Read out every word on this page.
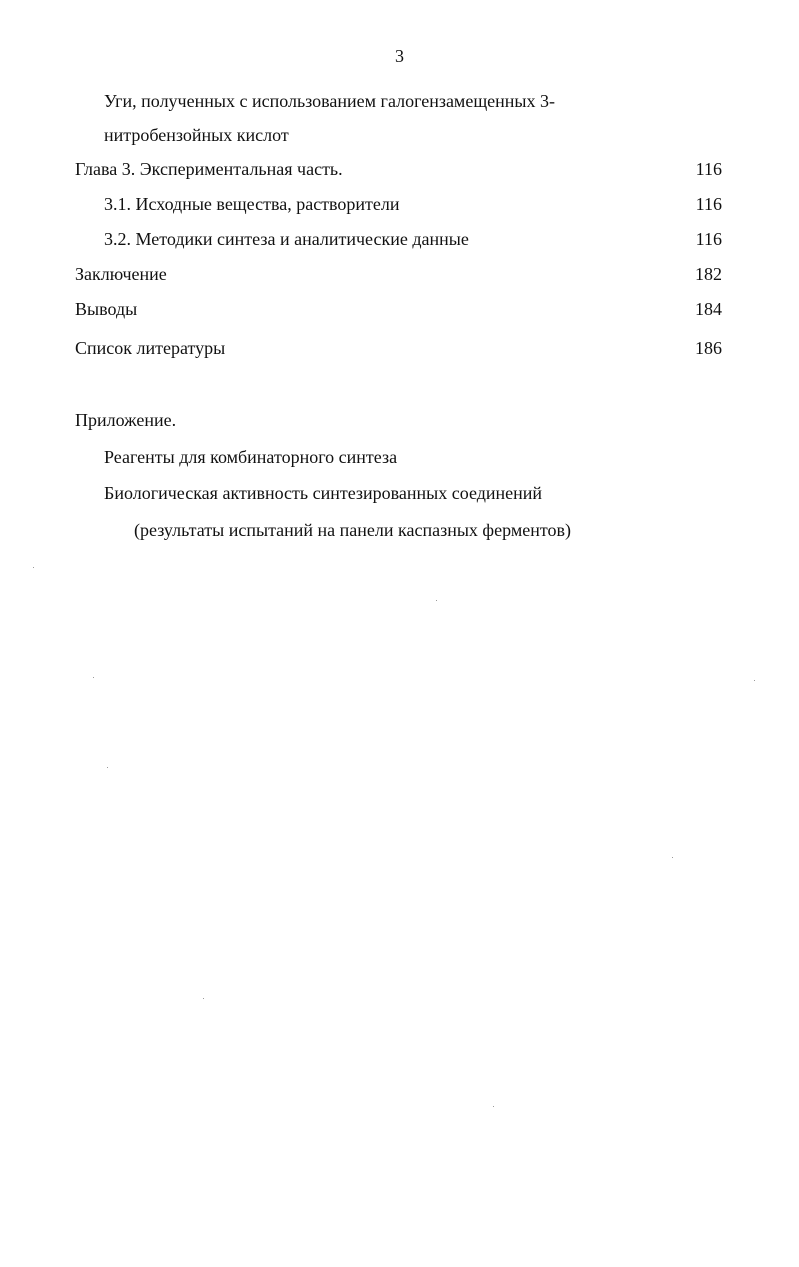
3
Уги, полученных с использованием галогензамещенных 3-
нитробензойных кислот
Глава 3. Экспериментальная часть.	116
3.1. Исходные вещества, растворители	116
3.2. Методики синтеза и аналитические данные	116
Заключение	182
Выводы	184
Список литературы	186
Приложение.
Реагенты для комбинаторного синтеза
Биологическая активность синтезированных соединений
(результаты испытаний на панели каспазных ферментов)
